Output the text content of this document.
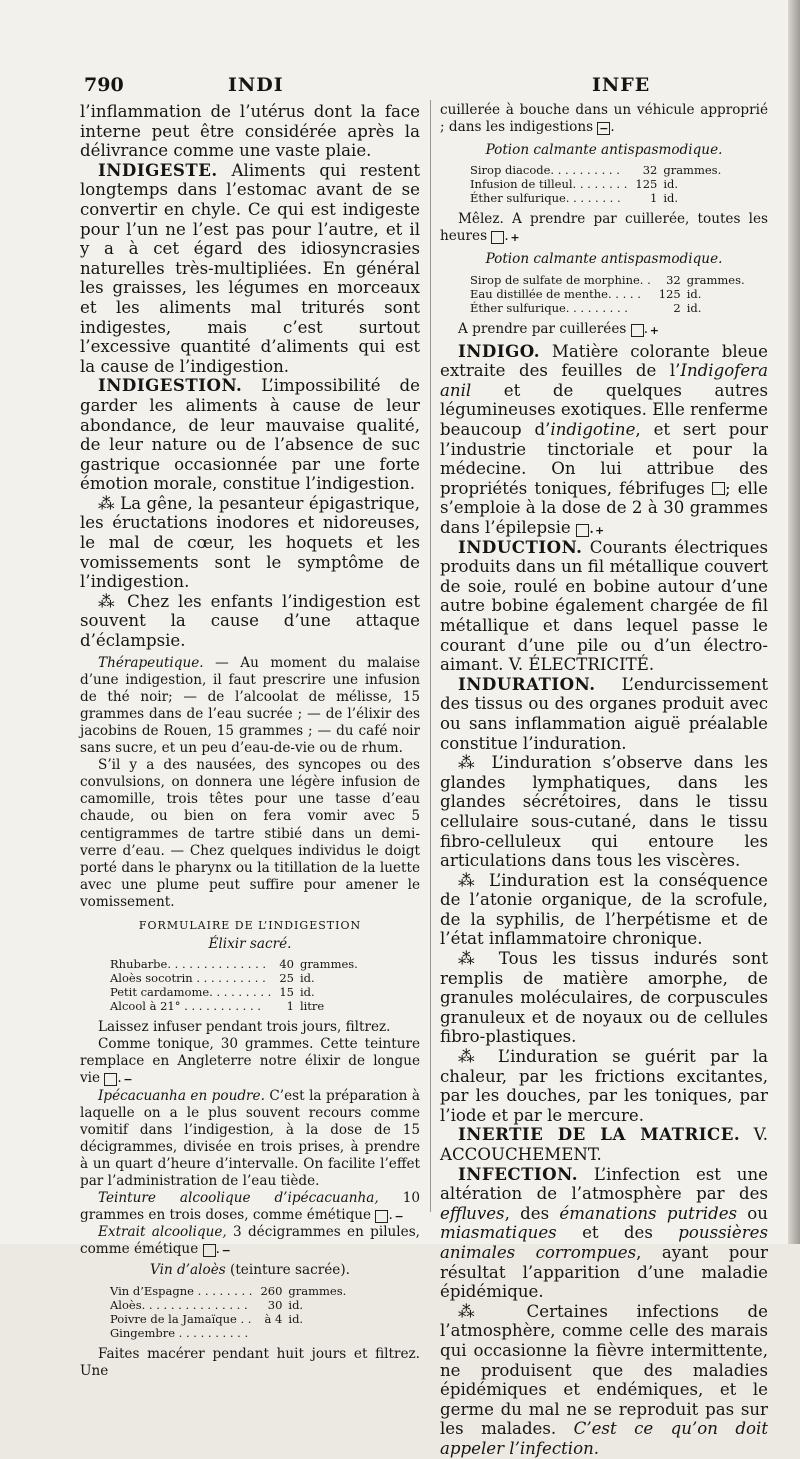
790	INDI	INFE

l’inflammation de l’utérus dont la face interne peut être considérée après la délivrance comme une vaste plaie.

INDIGESTE. Aliments qui restent longtemps dans l’estomac avant de se convertir en chyle. Ce qui est indigeste pour l’un ne l’est pas pour l’autre, et il y a à cet égard des idiosyncrasies naturelles très-multipliées. En général les graisses, les légumes en morceaux et les aliments mal triturés sont indigestes, mais c’est surtout l’excessive quantité d’aliments qui est la cause de l’indigestion.

INDIGESTION. L’impossibilité de garder les aliments à cause de leur abondance, de leur mauvaise qualité, de leur nature ou de l’absence de suc gastrique occasionnée par une forte émotion morale, constitue l’indigestion.

⁂ La gêne, la pesanteur épigastrique, les éructations inodores et nidoreuses, le mal de cœur, les hoquets et les vomissements sont le symptôme de l’indigestion.

⁂ Chez les enfants l’indigestion est souvent la cause d’une attaque d’éclampsie.

Thérapeutique. — Au moment du malaise d’une indigestion, il faut prescrire une infusion de thé noir; — de l’alcoolat de mélisse, 15 grammes dans de l’eau sucrée ; — de l’élixir des jacobins de Rouen, 15 grammes ; — du café noir sans sucre, et un peu d’eau-de-vie ou de rhum.

S’il y a des nausées, des syncopes ou des convulsions, on donnera une légère infusion de camomille, trois têtes pour une tasse d’eau chaude, ou bien on fera vomir avec 5 centigrammes de tartre stibié dans un demi-verre d’eau. — Chez quelques individus le doigt porté dans le pharynx ou la titillation de la luette avec une plume peut suffire pour amener le vomissement.

FORMULAIRE DE L’INDIGESTION
Élixir sacré.
Rhubarbe. . . . . . . . . . . . . .	40	grammes.
Aloès socotrin . . . . . . . . . .	25	id.
Petit cardamome. . . . . . . . .	15	id.
Alcool à 21° . . . . . . . . . . .	1	litre

Laissez infuser pendant trois jours, filtrez.

Comme tonique, 30 grammes. Cette teinture remplace en Angleterre notre élixir de longue vie −.

Ipécacuanha en poudre. C’est la préparation à laquelle on a le plus souvent recours comme vomitif dans l’indigestion, à la dose de 15 décigrammes, divisée en trois prises, à prendre à un quart d’heure d’intervalle. On facilite l’effet par l’administration de l’eau tiède.

Teinture alcoolique d’ipécacuanha, 10 grammes en trois doses, comme émétique −.

Extrait alcoolique, 3 décigrammes en pilules, comme émétique −.

Vin d’aloès (teinture sacrée).
Vin d’Espagne . . . . . . . .	260	grammes.
Aloès. . . . . . . . . . . . . . .	30	id.
Poivre de la Jamaïque . .	à 4	id.
Gingembre . . . . . . . . . .		

Faites macérer pendant huit jours et filtrez. Une

cuillerée à bouche dans un véhicule approprié ; dans les indigestions − .

Potion calmante antispasmodique.
Sirop diacode. . . . . . . . . .	32	grammes.
Infusion de tilleul. . . . . . . .	125	id.
Éther sulfurique. . . . . . . .	1	id.

Mêlez. A prendre par cuillerée, toutes les heures +.

Potion calmante antispasmodique.
Sirop de sulfate de morphine. .	32	grammes.
Eau distillée de menthe. . . . .	125	id.
Éther sulfurique. . . . . . . . .	2	id.

A prendre par cuillerées +.

INDIGO. Matière colorante bleue extraite des feuilles de l’Indigofera anil et de quelques autres légumineuses exotiques. Elle renferme beaucoup d’indigotine, et sert pour l’industrie tinctoriale et pour la médecine. On lui attribue des propriétés toniques, fébrifuges ; elle s’emploie à la dose de 2 à 30 grammes dans l’épilepsie +.

INDUCTION. Courants électriques produits dans un fil métallique couvert de soie, roulé en bobine autour d’une autre bobine également chargée de fil métallique et dans lequel passe le courant d’une pile ou d’un électro-aimant. V. ÉLECTRICITÉ.

INDURATION. L’endurcissement des tissus ou des organes produit avec ou sans inflammation aiguë préalable constitue l’induration.

⁂ L’induration s’observe dans les glandes lymphatiques, dans les glandes sécrétoires, dans le tissu cellulaire sous-cutané, dans le tissu fibro-celluleux qui entoure les articulations dans tous les viscères.

⁂ L’induration est la conséquence de l’atonie organique, de la scrofule, de la syphilis, de l’herpétisme et de l’état inflammatoire chronique.

⁂ Tous les tissus indurés sont remplis de matière amorphe, de granules moléculaires, de corpuscules granuleux et de noyaux ou de cellules fibro-plastiques.

⁂ L’induration se guérit par la chaleur, par les frictions excitantes, par les douches, par les toniques, par l’iode et par le mercure.

INERTIE DE LA MATRICE. V. ACCOUCHEMENT.

INFECTION. L’infection est une altération de l’atmosphère par des effluves, des émanations putrides ou miasmatiques et des poussières animales corrompues, ayant pour résultat l’apparition d’une maladie épidémique.

⁂ Certaines infections de l’atmosphère, comme celle des marais qui occasionne la fièvre intermittente, ne produisent que des maladies épidémiques et endémiques, et le germe du mal ne se reproduit pas sur les malades. C’est ce qu’on doit appeler l’infection.
